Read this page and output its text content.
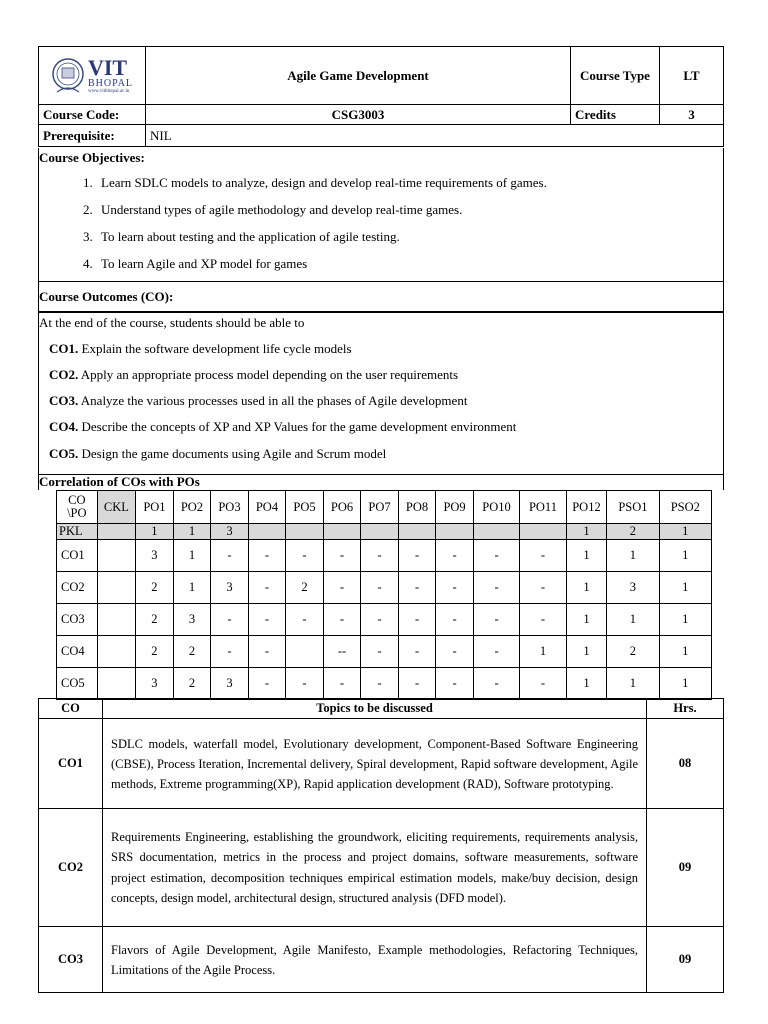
VIT
BHOPAL
www.vitbhopal.ac.in	Agile Game Development	Course Type	LT
Course Code:	CSG3003	Credits	3
Prerequisite:	NIL		
Course Objectives:
1. Learn SDLC models to analyze, design and develop real-time requirements of games.
2. Understand types of agile methodology and develop real-time games.
3. To learn about testing and the application of agile testing.
4. To learn Agile and XP model for games
Course Outcomes (CO):
At the end of the course, students should be able to
CO1. Explain the software development life cycle models
CO2. Apply an appropriate process model depending on the user requirements
CO3. Analyze the various processes used in all the phases of Agile development
CO4. Describe the concepts of XP and XP Values for the game development environment
CO5. Design the game documents using Agile and Scrum model
Correlation of COs with POs
CO \PO	CKL	PO1	PO2	PO3	PO4	PO5	PO6	PO7	PO8	PO9	PO10	PO11	PO12	PSO1	PSO2
PKL		1	1	3									1	2	1
CO1		3	1	-	-	-	-	-	-	-	-	-	1	1	1
CO2		2	1	3	-	2	-	-	-	-	-	-	1	3	1
CO3		2	3	-	-	-	-	-	-	-	-	-	1	1	1
CO4		2	2	-	-		--	-	-	-	-	1	1	2	1
CO5		3	2	3	-	-	-	-	-	-	-	-	1	1	1
CO	Topics to be discussed	Hrs.
CO1	SDLC models, waterfall model, Evolutionary development, Component-Based Software Engineering (CBSE), Process Iteration, Incremental delivery, Spiral development, Rapid software development, Agile methods, Extreme programming(XP), Rapid application development (RAD), Software prototyping.	08
CO2	Requirements Engineering, establishing the groundwork, eliciting requirements, requirements analysis, SRS documentation, metrics in the process and project domains, software measurements, software project estimation, decomposition techniques empirical estimation models, make/buy decision, design concepts, design model, architectural design, structured analysis (DFD model).	09
CO3	Flavors of Agile Development, Agile Manifesto, Example methodologies, Refactoring Techniques, Limitations of the Agile Process.	09
